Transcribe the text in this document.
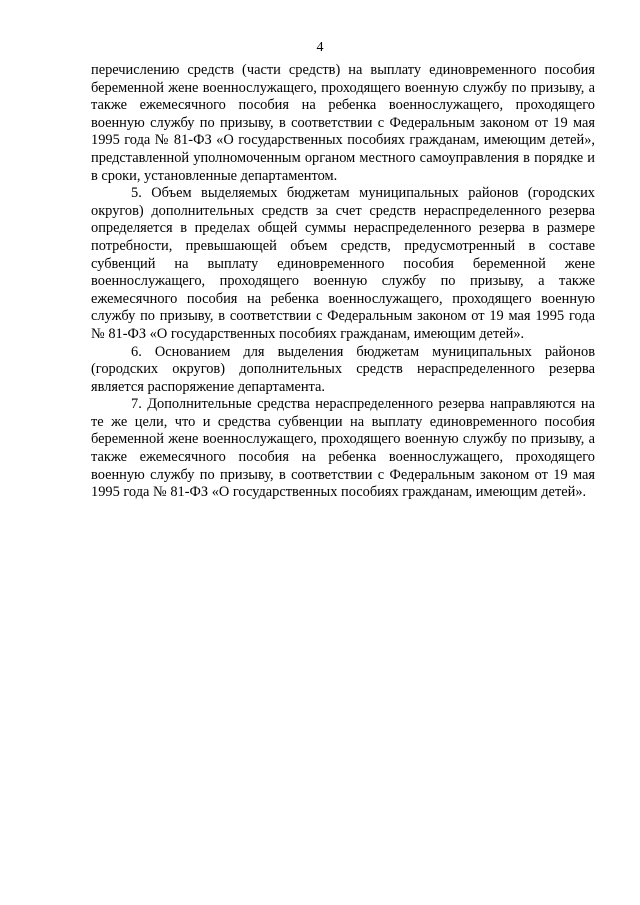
4

перечислению средств (части средств) на выплату единовременного пособия беременной жене военнослужащего, проходящего военную службу по призыву, а также ежемесячного пособия на ребенка военнослужащего, проходящего военную службу по призыву, в соответствии с Федеральным законом от 19 мая 1995 года № 81-ФЗ «О государственных пособиях гражданам, имеющим детей», представленной уполномоченным органом местного самоуправления в порядке и в сроки, установленные департаментом.

5. Объем выделяемых бюджетам муниципальных районов (городских округов) дополнительных средств за счет средств нераспределенного резерва определяется в пределах общей суммы нераспределенного резерва в размере потребности, превышающей объем средств, предусмотренный в составе субвенций на выплату единовременного пособия беременной жене военнослужащего, проходящего военную службу по призыву, а также ежемесячного пособия на ребенка военнослужащего, проходящего военную службу по призыву, в соответствии с Федеральным законом от 19 мая 1995 года № 81-ФЗ «О государственных пособиях гражданам, имеющим детей».

6. Основанием для выделения бюджетам муниципальных районов (городских округов) дополнительных средств нераспределенного резерва является распоряжение департамента.

7. Дополнительные средства нераспределенного резерва направляются на те же цели, что и средства субвенции на выплату единовременного пособия беременной жене военнослужащего, проходящего военную службу по призыву, а также ежемесячного пособия на ребенка военнослужащего, проходящего военную службу по призыву, в соответствии с Федеральным законом от 19 мая 1995 года № 81-ФЗ «О государственных пособиях гражданам, имеющим детей».
